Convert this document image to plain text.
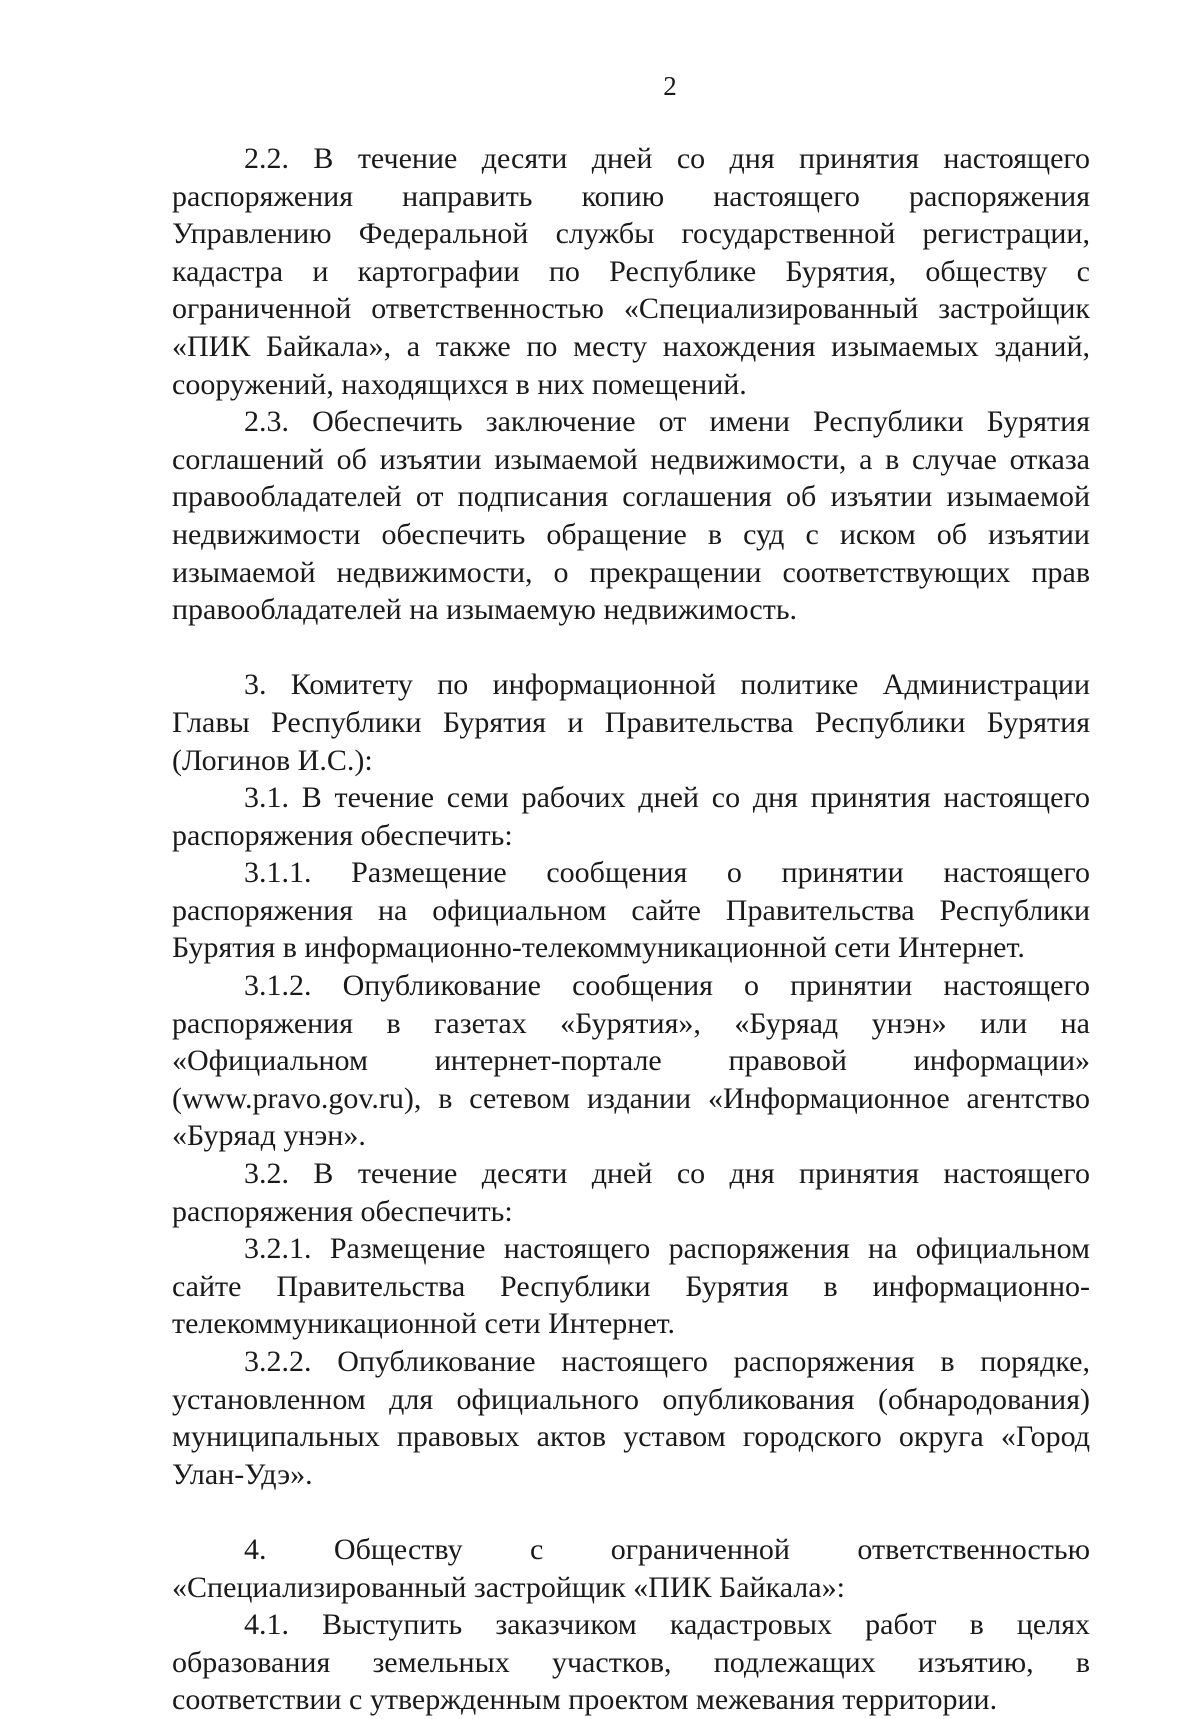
2

2.2. В течение десяти дней со дня принятия настоящего распоряжения направить копию настоящего распоряжения Управлению Федеральной службы государственной регистрации, кадастра и картографии по Республике Бурятия, обществу с ограниченной ответственностью «Специализированный застройщик «ПИК Байкала», а также по месту нахождения изымаемых зданий, сооружений, находящихся в них помещений.

2.3. Обеспечить заключение от имени Республики Бурятия соглашений об изъятии изымаемой недвижимости, а в случае отказа правообладателей от подписания соглашения об изъятии изымаемой недвижимости обеспечить обращение в суд с иском об изъятии изымаемой недвижимости, о прекращении соответствующих прав правообладателей на изымаемую недвижимость.

3. Комитету по информационной политике Администрации Главы Республики Бурятия и Правительства Республики Бурятия (Логинов И.С.):

3.1. В течение семи рабочих дней со дня принятия настоящего распоряжения обеспечить:

3.1.1. Размещение сообщения о принятии настоящего распоряжения на официальном сайте Правительства Республики Бурятия в информационно-телекоммуникационной сети Интернет.

3.1.2. Опубликование сообщения о принятии настоящего распоряжения в газетах «Бурятия», «Буряад унэн» или на «Официальном интернет-портале правовой информации» (www.pravo.gov.ru), в сетевом издании «Информационное агентство «Буряад унэн».

3.2. В течение десяти дней со дня принятия настоящего распоряжения обеспечить:

3.2.1. Размещение настоящего распоряжения на официальном сайте Правительства Республики Бурятия в информационно-телекоммуникационной сети Интернет.

3.2.2. Опубликование настоящего распоряжения в порядке, установленном для официального опубликования (обнародования) муниципальных правовых актов уставом городского округа «Город Улан-Удэ».

4. Обществу с ограниченной ответственностью «Специализированный застройщик «ПИК Байкала»:

4.1. Выступить заказчиком кадастровых работ в целях образования земельных участков, подлежащих изъятию, в соответствии с утвержденным проектом межевания территории.
